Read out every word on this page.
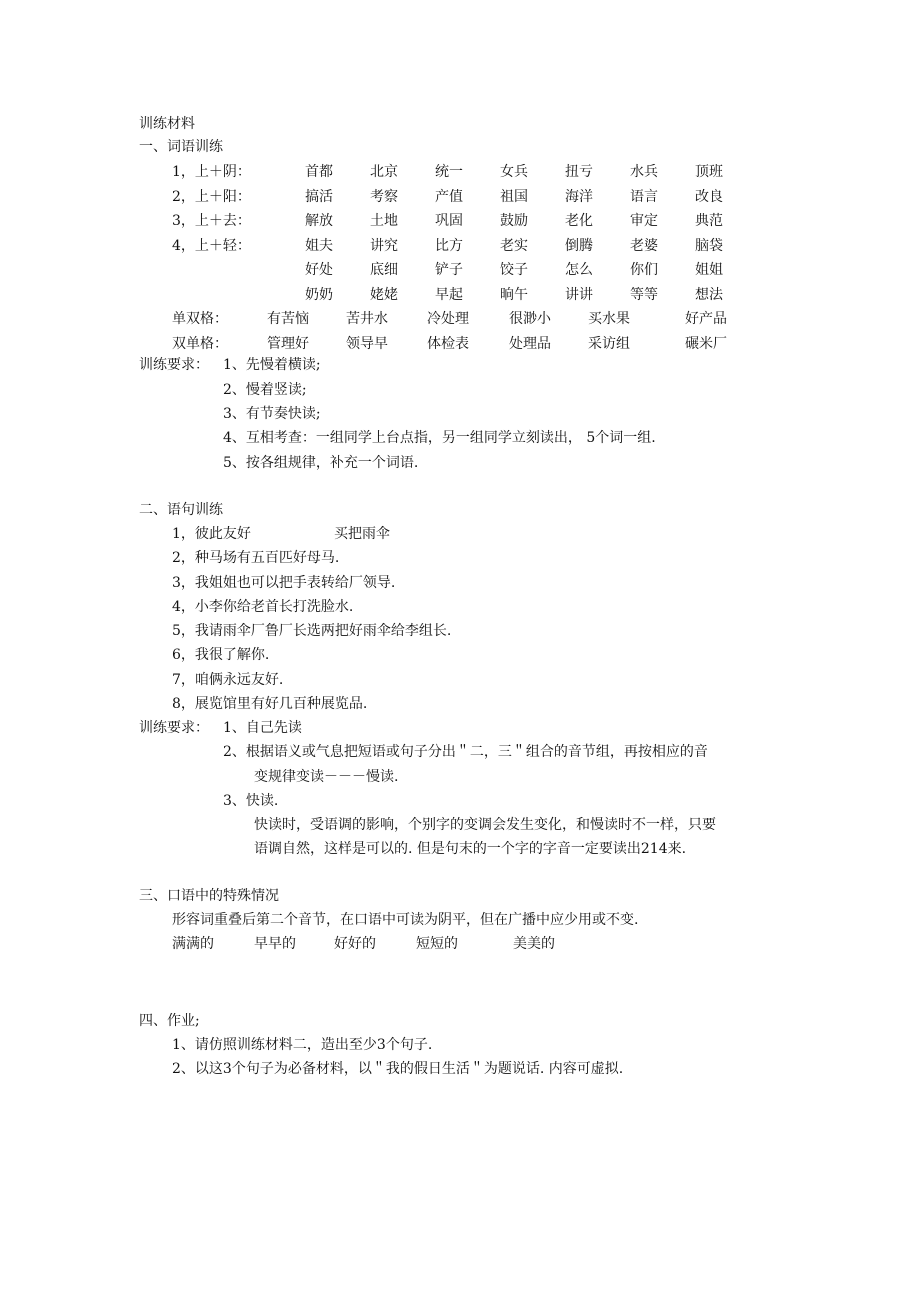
训练材料
一、词语训练
1，上＋阴：	首都	北京	统一	女兵	扭亏	水兵	顶班
2，上＋阳：	搞活	考察	产值	祖国	海洋	语言	改良
3，上＋去：	解放	土地	巩固	鼓励	老化	审定	典范
4，上＋轻：	姐夫	讲究	比方	老实	倒腾	老婆	脑袋
好处	底细	铲子	饺子	怎么	你们	姐姐
奶奶	姥姥	早起	晌午	讲讲	等等	想法
单双格：	有苦恼	苦井水	冷处理	很渺小	买水果	好产品
双单格：	管理好	领导早	体检表	处理品	采访组	碾米厂
训练要求： 1、先慢着横读;
2、慢着竖读;
3、有节奏快读;
4、互相考查：一组同学上台点指，另一组同学立刻读出， 5个词一组.
5、按各组规律，补充一个词语.
二、语句训练
1，彼此友好	买把雨伞
2，种马场有五百匹好母马.
3，我姐姐也可以把手表转给厂领导.
4，小李你给老首长打洗脸水.
5，我请雨伞厂鲁厂长选两把好雨伞给李组长.
6，我很了解你.
7，咱俩永远友好.
8，展览馆里有好几百种展览品.
训练要求： 1、自己先读
2、根据语义或气息把短语或句子分出＂二，三＂组合的音节组，再按相应的音
变规律变读－－－慢读.
3、快读.
快读时，受语调的影响，个别字的变调会发生变化，和慢读时不一样，只要
语调自然，这样是可以的. 但是句末的一个字的字音一定要读出214来.
三、口语中的特殊情况
形容词重叠后第二个音节，在口语中可读为阴平，但在广播中应少用或不变.
满满的	早早的	好好的	短短的	美美的
四、作业;
1、请仿照训练材料二，造出至少3个句子.
2、以这3个句子为必备材料，以＂我的假日生活＂为题说话. 内容可虚拟.
